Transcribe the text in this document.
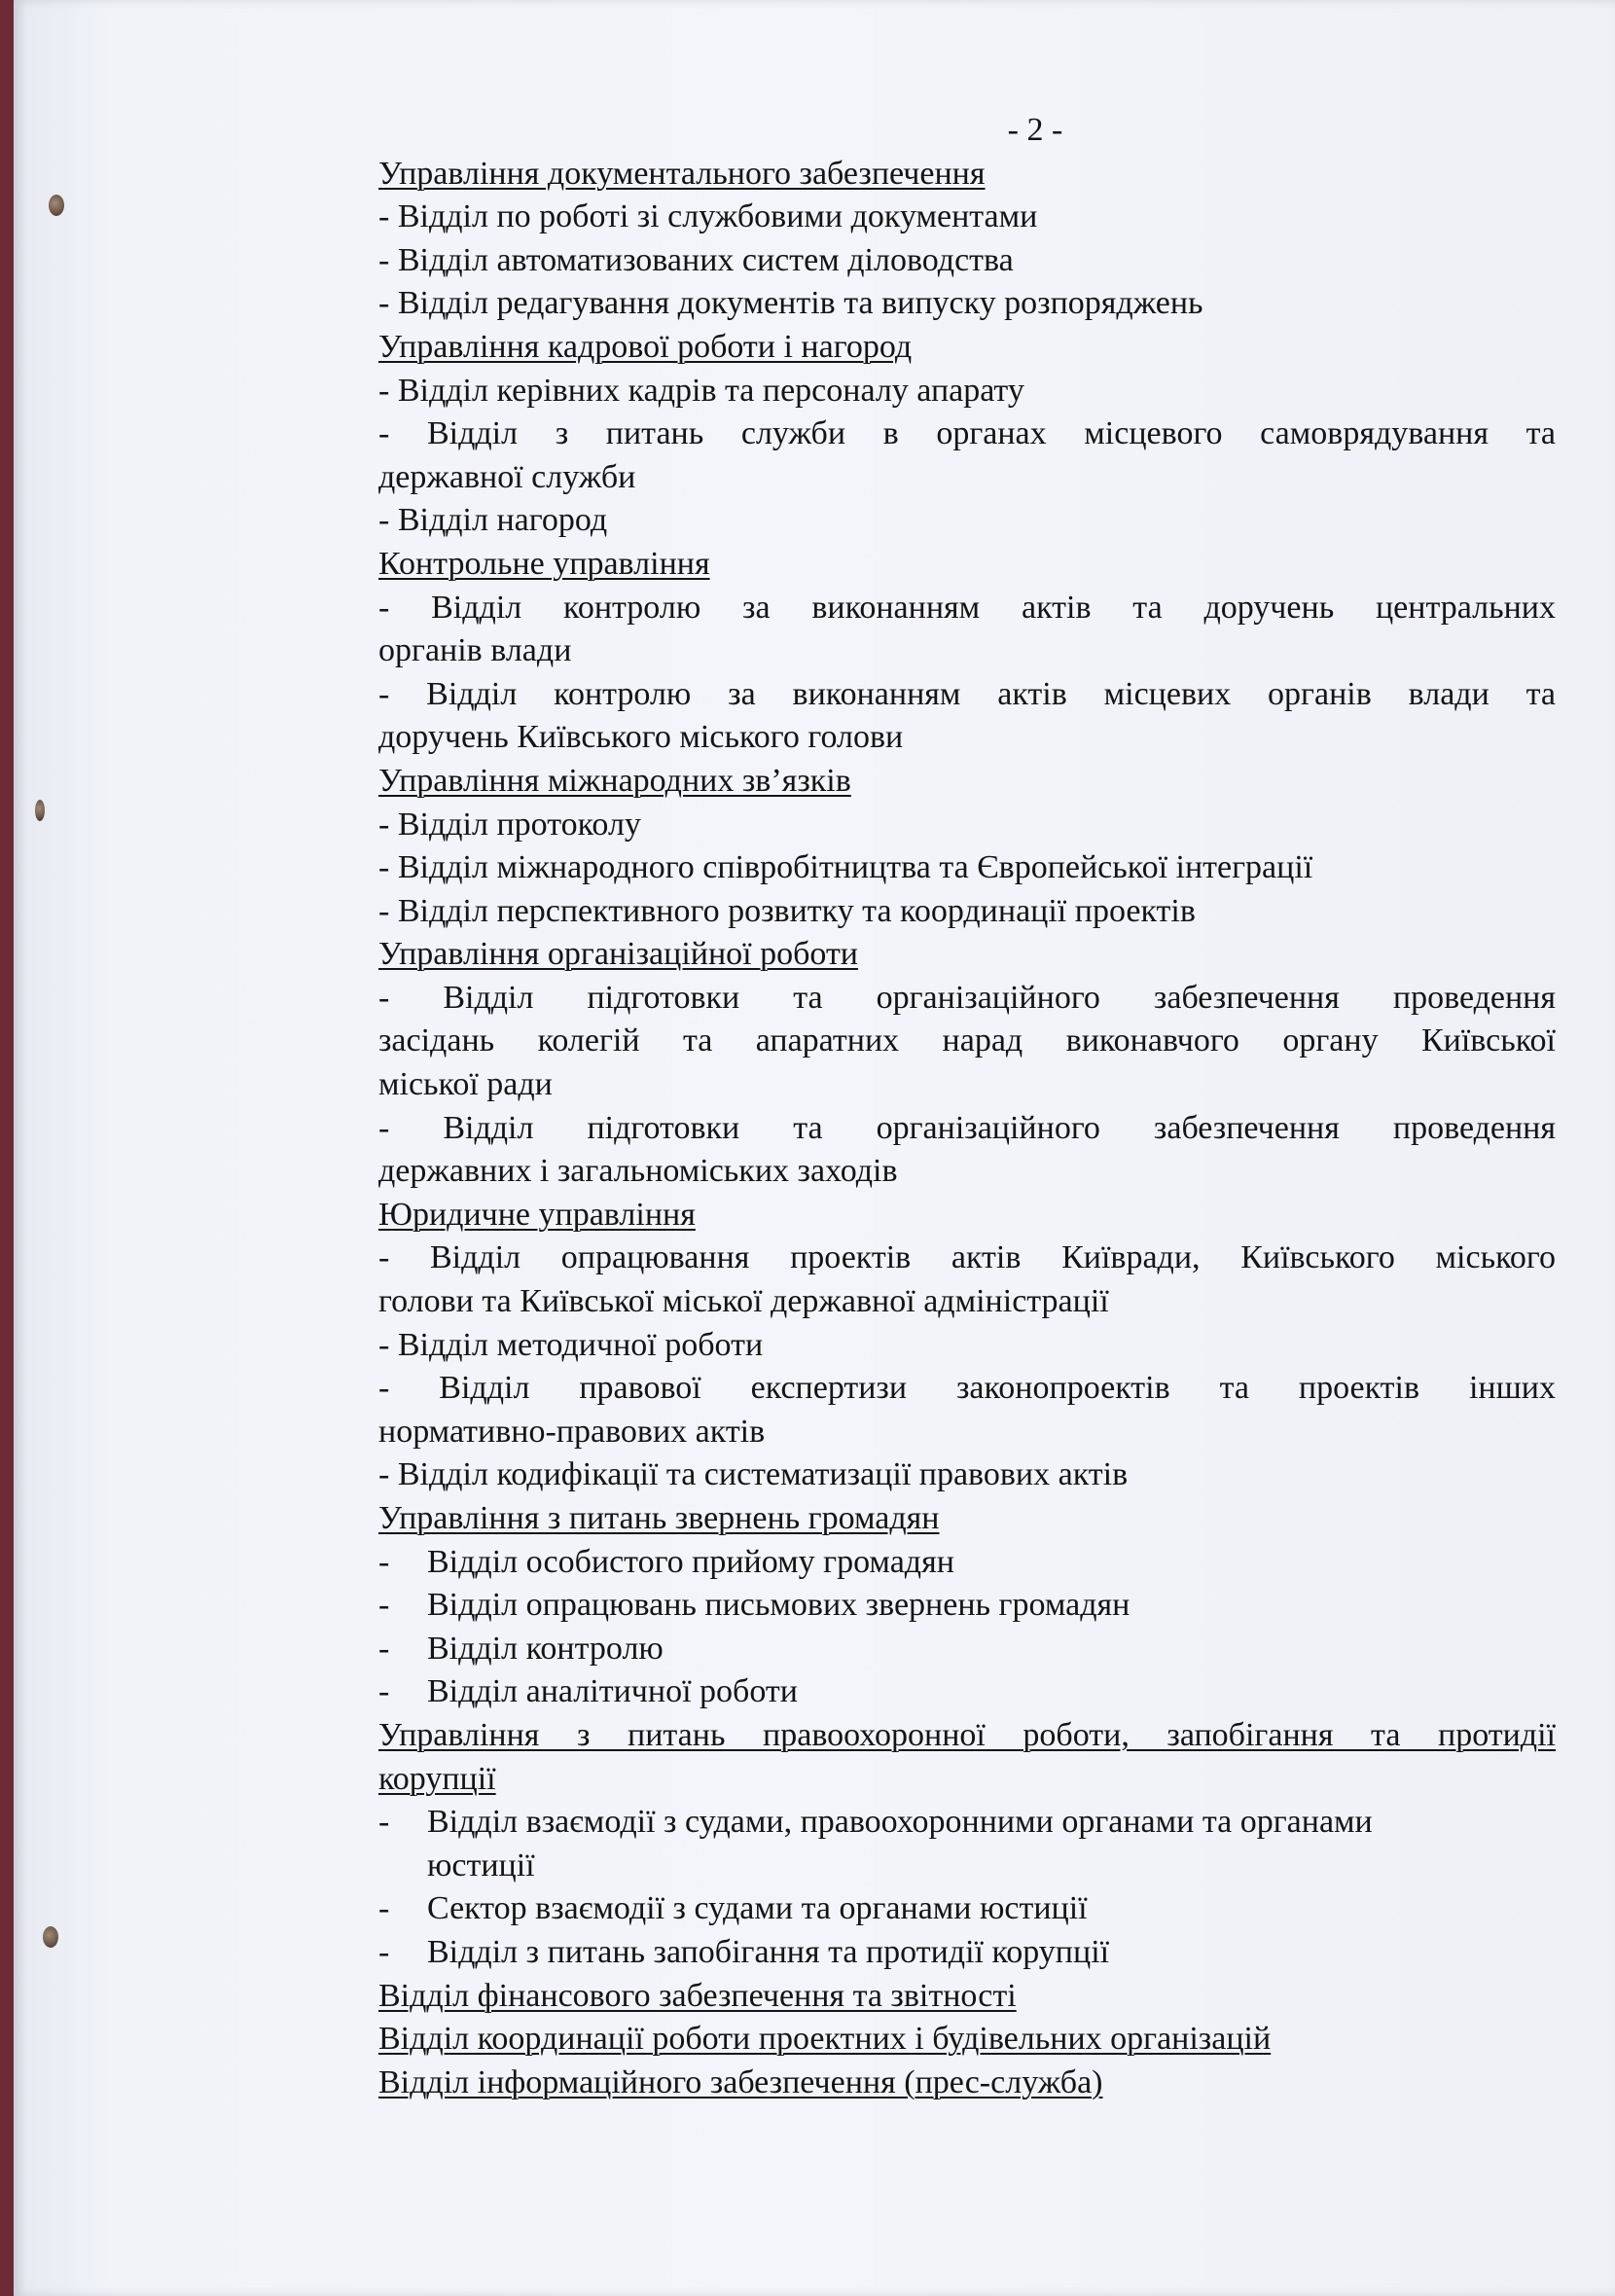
- 2 -
Управління документального забезпечення
- Відділ по роботі зі службовими документами
- Відділ автоматизованих систем діловодства
- Відділ редагування документів та випуску розпоряджень
Управління кадрової роботи і нагород
- Відділ керівних кадрів та персоналу апарату
- Відділ з питань служби в органах місцевого самоврядування та
державної служби
- Відділ нагород
Контрольне управління
- Відділ контролю за виконанням актів та доручень центральних
органів влади
- Відділ контролю за виконанням актів місцевих органів влади та
доручень Київського міського голови
Управління міжнародних зв’язків
- Відділ протоколу
- Відділ міжнародного співробітництва та Європейської інтеграції
- Відділ перспективного розвитку та координації проектів
Управління організаційної роботи
- Відділ підготовки та організаційного забезпечення проведення
засідань колегій та апаратних нарад виконавчого органу Київської
міської ради
- Відділ підготовки та організаційного забезпечення проведення
державних і загальноміських заходів
Юридичне управління
- Відділ опрацювання проектів актів Київради, Київського міського
голови та Київської міської державної адміністрації
- Відділ методичної роботи
- Відділ правової експертизи законопроектів та проектів інших
нормативно-правових актів
- Відділ кодифікації та систематизації правових актів
Управління з питань звернень громадян
-	Відділ особистого прийому громадян
-	Відділ опрацювань письмових звернень громадян
-	Відділ контролю
-	Відділ аналітичної роботи
Управління з питань правоохоронної роботи, запобігання та протидії
корупції
-	Відділ взаємодії з судами, правоохоронними органами та органами
юстиції
-	Сектор взаємодії з судами та органами юстиції
-	Відділ з питань запобігання та протидії корупції
Відділ фінансового забезпечення та звітності
Відділ координації роботи проектних і будівельних організацій
Відділ інформаційного забезпечення (прес-служба)
